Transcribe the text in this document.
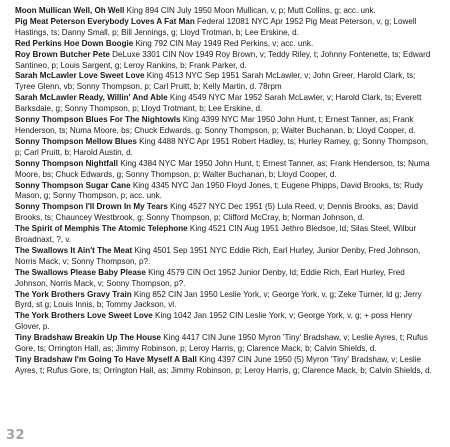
Moon Mullican Well, Oh Well King 894 CIN July 1950 Moon Mullican, v, p; Mutt Collins, g; acc. unk.

Pig Meat Peterson Everybody Loves A Fat Man Federal 12081 NYC Apr 1952 Pig Meat Peterson, v, g; Lowell Hastings, ts; Danny Small, p; Bill Jennings, g; Lloyd Trotman, b; Lee Erskine, d.

Red Perkins Hoe Down Boogie King 792 CIN May 1949 Red Perkins, v; acc. unk.

Roy Brown Butcher Pete DeLuxe 3301 CIN Nov 1949 Roy Brown, v; Teddy Riley, t; Johnny Fontenette, ts; Edward Santineo, p; Louis Sargent, g; Leroy Rankins, b; Frank Parker, d.

Sarah McLawler Love Sweet Love King 4513 NYC Sep 1951 Sarah McLawler, v; John Greer, Harold Clark, ts; Tyree Glenn, vb; Sonny Thompson, p; Carl Pruitt, b; Kelly Martin, d. 78rpm

Sarah McLawler Ready, Willin' And Able King 4549 NYC Mar 1952 Sarah McLawler, v; Harold Clark, ts; Everett Barksdale, g; Sonny Thompson, p; Lloyd Trotmant, b; Lee Erskine, d.

Sonny Thompson Blues For The Nightowls King 4399 NYC Mar 1950 John Hunt, t; Ernest Tanner, as; Frank Henderson, ts; Numa Moore, bs; Chuck Edwards, g; Sonny Thompson, p; Walter Buchanan, b; Lloyd Cooper, d.

Sonny Thompson Mellow Blues King 4488 NYC Apr 1951 Robert Hadley, ts; Hurley Ramey, g; Sonny Thompson, p; Carl Pruitt, b; Harold Austin, d.

Sonny Thompson Nightfall King 4384 NYC Mar 1950 John Hunt, t; Ernest Tanner, as; Frank Henderson, ts; Numa Moore, bs; Chuck Edwards, g; Sonny Thompson, p; Walter Buchanan, b; Lloyd Cooper, d.

Sonny Thompson Sugar Cane King 4345 NYC Jan 1950 Floyd Jones, t; Eugene Phipps, David Brooks, ts; Rudy Mason, g; Sonny Thompson, p; acc. unk.

Sonny Thompson I'll Drown In My Tears King 4527 NYC Dec 1951 (5) Lula Reed, v; Dennis Brooks, as; David Brooks, ts; Chauncey Westbrook, g; Sonny Thompson, p; Clifford McCray, b; Norman Johnson, d.

The Spirit of Memphis The Atomic Telephone King 4521 CIN Aug 1951 Jethro Bledsoe, ld; Silas Steel, Wilbur Broadnaxt, ?, v.

The Swallows It Ain't The Meat King 4501 Sep 1951 NYC Eddie Rich, Earl Hurley, Junior Denby, Fred Johnson, Norris Mack, v; Sonny Thompson, p?.

The Swallows Please Baby Please King 4579 CIN Oct 1952 Junior Denby, ld; Eddie Rich, Earl Hurley, Fred Johnson, Norris Mack, v; Sonny Thompson, p?.

The York Brothers Gravy Train King 852 CIN Jan 1950 Leslie York, v; George York, v, g; Zeke Turner, ld g; Jerry Byrd, st g; Louis Innis, b; Tommy Jackson, vl.

The York Brothers Love Sweet Love King 1042 Jan 1952 CIN Leslie York, v; George York, v, g; + poss Henry Glover, p.

Tiny Bradshaw Breakin Up The House King 4417 CIN June 1950 Myron 'Tiny' Bradshaw, v; Leslie Ayres, t; Rufus Gore, ts; Orrington Hall, as; Jimmy Robinson, p; Leroy Harris, g; Clarence Mack, b; Calvin Shields, d.

Tiny Bradshaw I'm Going To Have Myself A Ball King 4397 CIN June 1950 (5) Myron 'Tiny' Bradshaw, v; Leslie Ayres, t; Rufus Gore, ts; Orrington Hall, as; Jimmy Robinson, p; Leroy Harris, g; Clarence Mack, b; Calvin Shields, d.

32
